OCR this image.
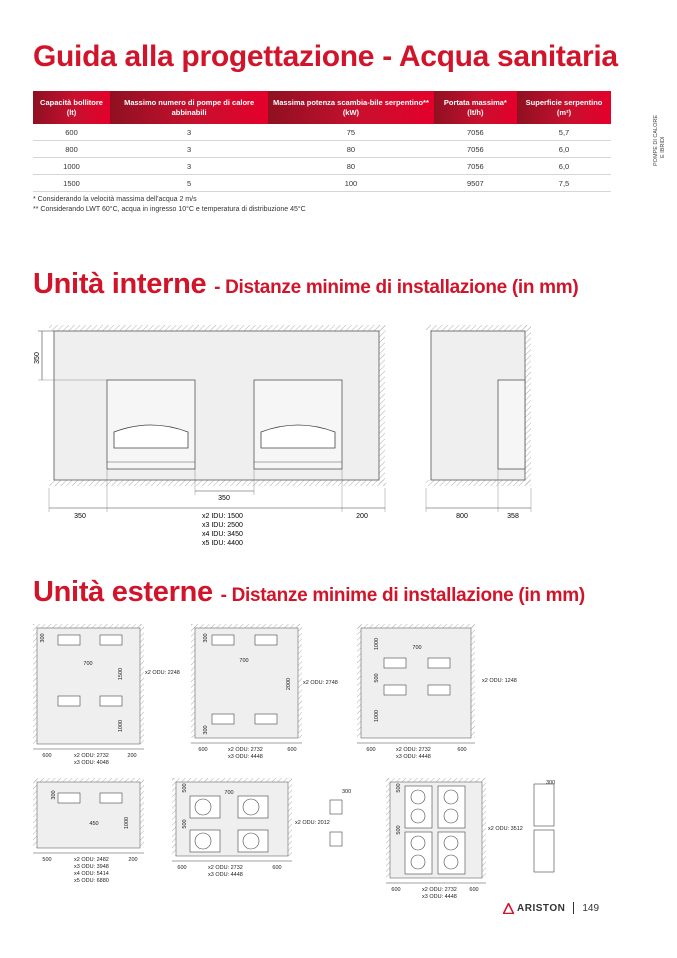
Guida alla progettazione - Acqua sanitaria
POMPE DI CALORE E IBRIDI
Capacità bollitore (lt)	Massimo numero di pompe di calore abbinabili	Massima potenza scambia-bile serpentino** (kW)	Portata massima* (lt/h)	Superficie serpentino (m²)
600	3	75	7056	5,7
800	3	80	7056	6,0
1000	3	80	7056	6,0
1500	5	100	9507	7,5
* Considerando la velocità massima dell'acqua 2 m/s
** Considerando LWT 60°C, acqua in ingresso 10°C e temperatura di distribuzione 45°C
Unità interne - Distanze minime di installazione (in mm)
350
350
350	200
x2 IDU: 1500
x3 IDU: 2500
x4 IDU: 3450
x5 IDU: 4400
800	358
Unità esterne - Distanze minime di installazione (in mm)
300
700
1500
1000
600	200
x2 ODU: 2248
x2 ODU: 2732
x3 ODU: 4048
300
700
2000
300
600	600
x2 ODU: 2748
x2 ODU: 2732
x3 ODU: 4448
1000	700
500
1000
600	600
x2 ODU: 1248
x2 ODU: 2732
x3 ODU: 4448
300
450	1000
500	200
x2 ODU: 2482
x3 ODU: 3948
x4 ODU: 5414
x5 ODU: 6880
500
700
500
300
600	600
x2 ODU: 2012
x2 ODU: 2732
x3 ODU: 4448
500
500
300
600	600
x2 ODU: 3512
x2 ODU: 2732
x3 ODU: 4448
ARISTON 149
